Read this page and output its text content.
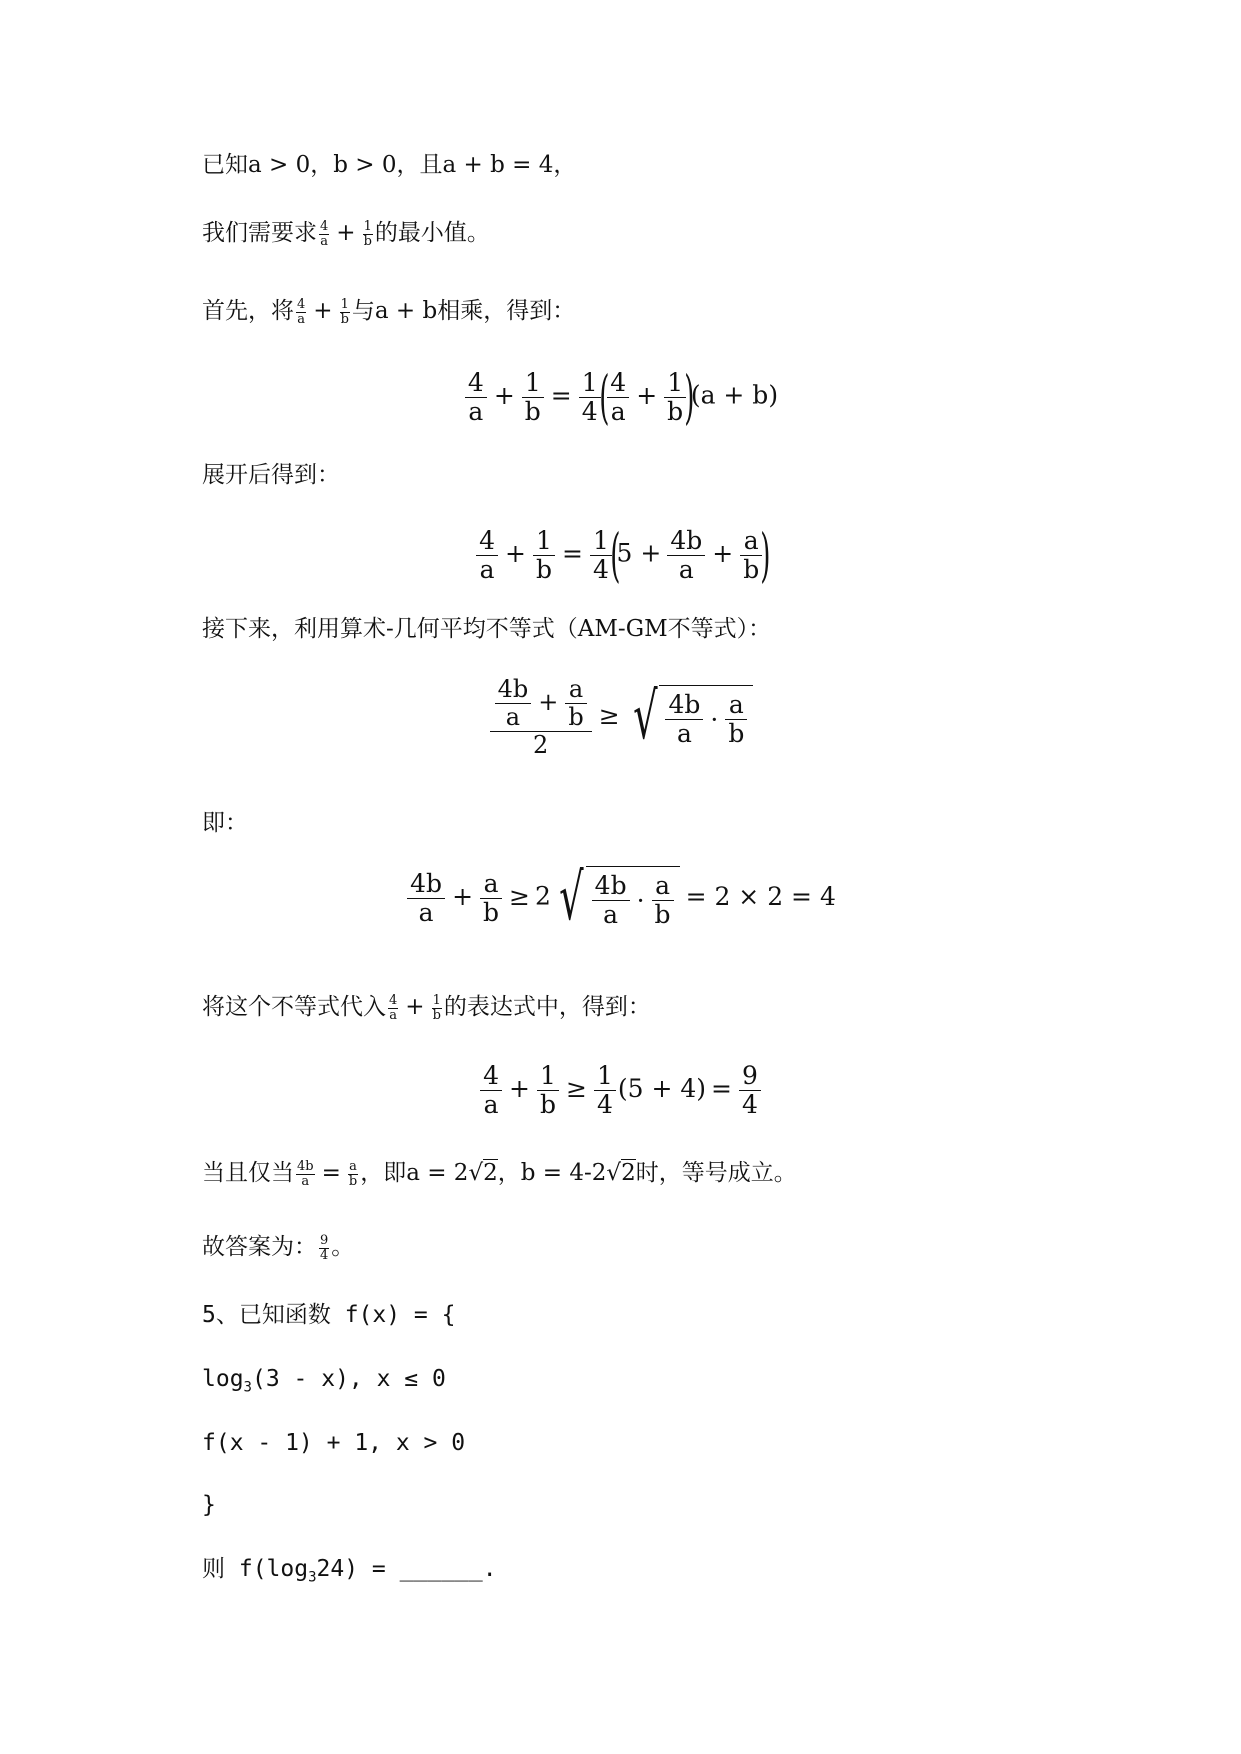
已知a > 0，b > 0，且a + b = 4，
我们需要求 $\frac{4}{a} + \frac{1}{b}$ 的最小值。
首先，将 $\frac{4}{a} + \frac{1}{b}$ 与a + b相乘，得到：
$\frac{4}{a} + \frac{1}{b} = \frac{1}{4}$
(
$\frac{4}{a} + \frac{1}{b}$
)(a + b)
展开后得到：
$\frac{4}{a} + \frac{1}{b} = \frac{1}{4}$
($5 + \frac{4b}{a} + \frac{a}{b}$
)
接下来，利用算术-几何平均不等式（AM-GM不等式）：
$\frac{\frac{4b}{a} + \frac{a}{b}}{2}$ ≥ √ $\frac{4b}{a} \cdot \frac{a}{b}$
即：
$\frac{4b}{a} + \frac{a}{b} \ge 2$ √ $\frac{4b}{a} \cdot \frac{a}{b} = 2 \times 2 = 4$
将这个不等式代入 $\frac{4}{a} + \frac{1}{b}$ 的表达式中，得到：
$\frac{4}{a} + \frac{1}{b} \ge \frac{1}{4} (5 + 4) = \frac{9}{4}$
当且仅当 $\frac{4b}{a} = \frac{a}{b}$ ，即a = 2√2，b = 4-2√2时，等号成立。
故答案为： $\frac{9}{4}$ 。
5、已知函数 f(x) = {
$\log_3(3 - x)$, x ≤ 0
f(x - 1) + 1, x > 0
}
则 $f(\log_324)$ = ______.
